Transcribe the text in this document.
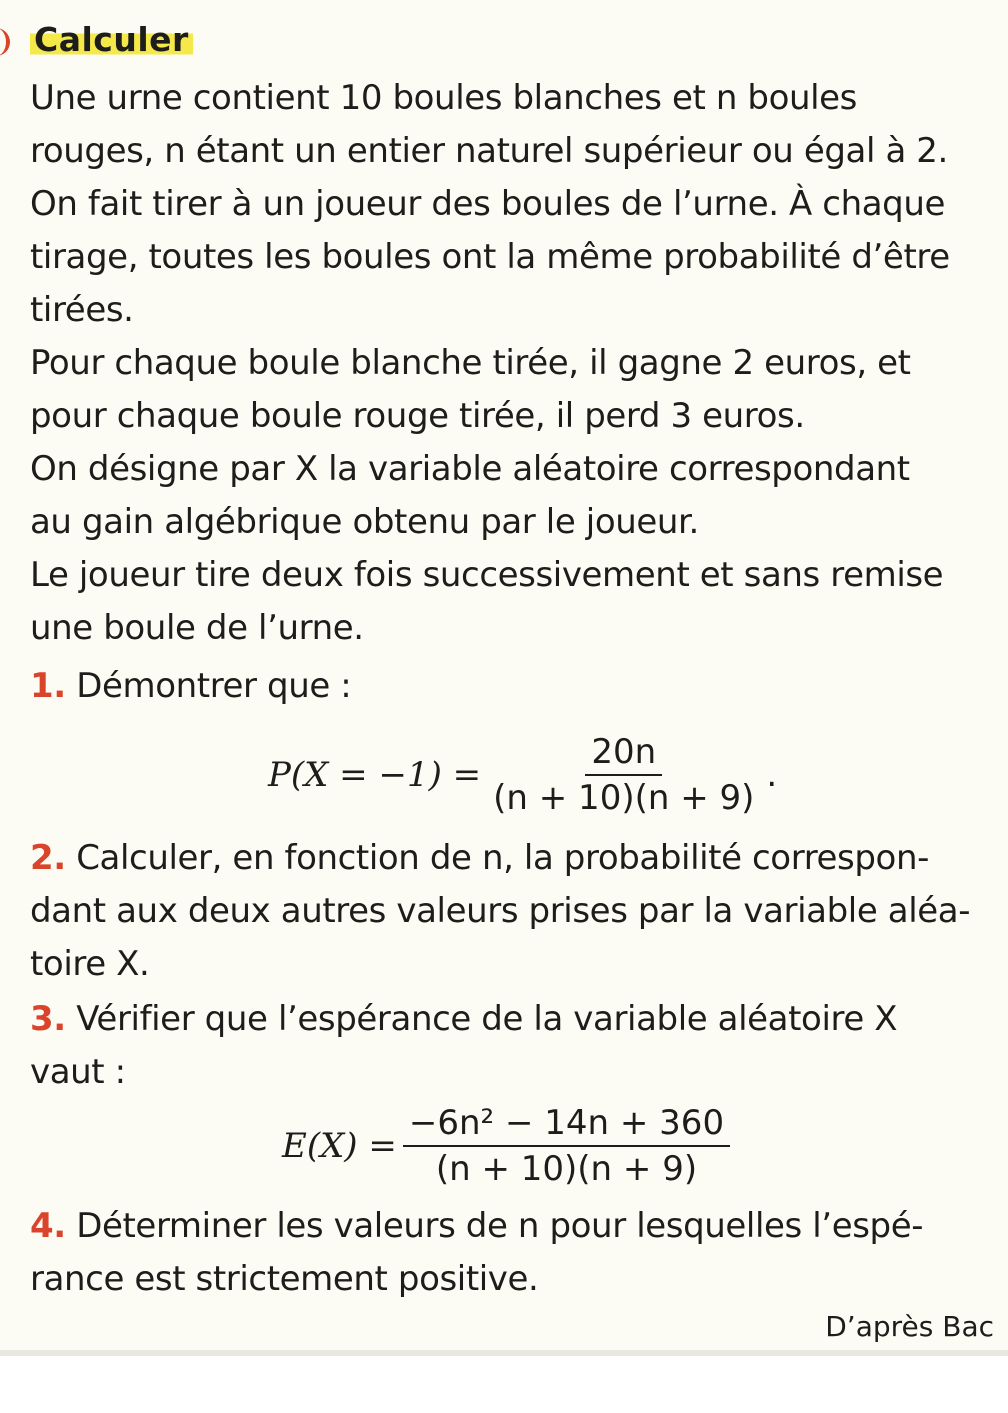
Calculer
Une urne contient 10 boules blanches et n boules
rouges, n étant un entier naturel supérieur ou égal à 2.
On fait tirer à un joueur des boules de l’urne. À chaque
tirage, toutes les boules ont la même probabilité d’être
tirées.
Pour chaque boule blanche tirée, il gagne 2 euros, et
pour chaque boule rouge tirée, il perd 3 euros.
On désigne par X la variable aléatoire correspondant
au gain algébrique obtenu par le joueur.
Le joueur tire deux fois successivement et sans remise
une boule de l’urne.
1. Démontrer que :
$P(X = -1) = \frac{20n}{(n + 10)(n + 9)}$ .
2. Calculer, en fonction de n, la probabilité correspon-
dant aux deux autres valeurs prises par la variable aléa-
toire X.
3. Vérifier que l’espérance de la variable aléatoire X
vaut :
$E(X) = \frac{\text{−6n² − 14n + 360}}{(n + 10)(n + 9)}$
4. Déterminer les valeurs de n pour lesquelles l’espé-
rance est strictement positive.
D’après Bac
